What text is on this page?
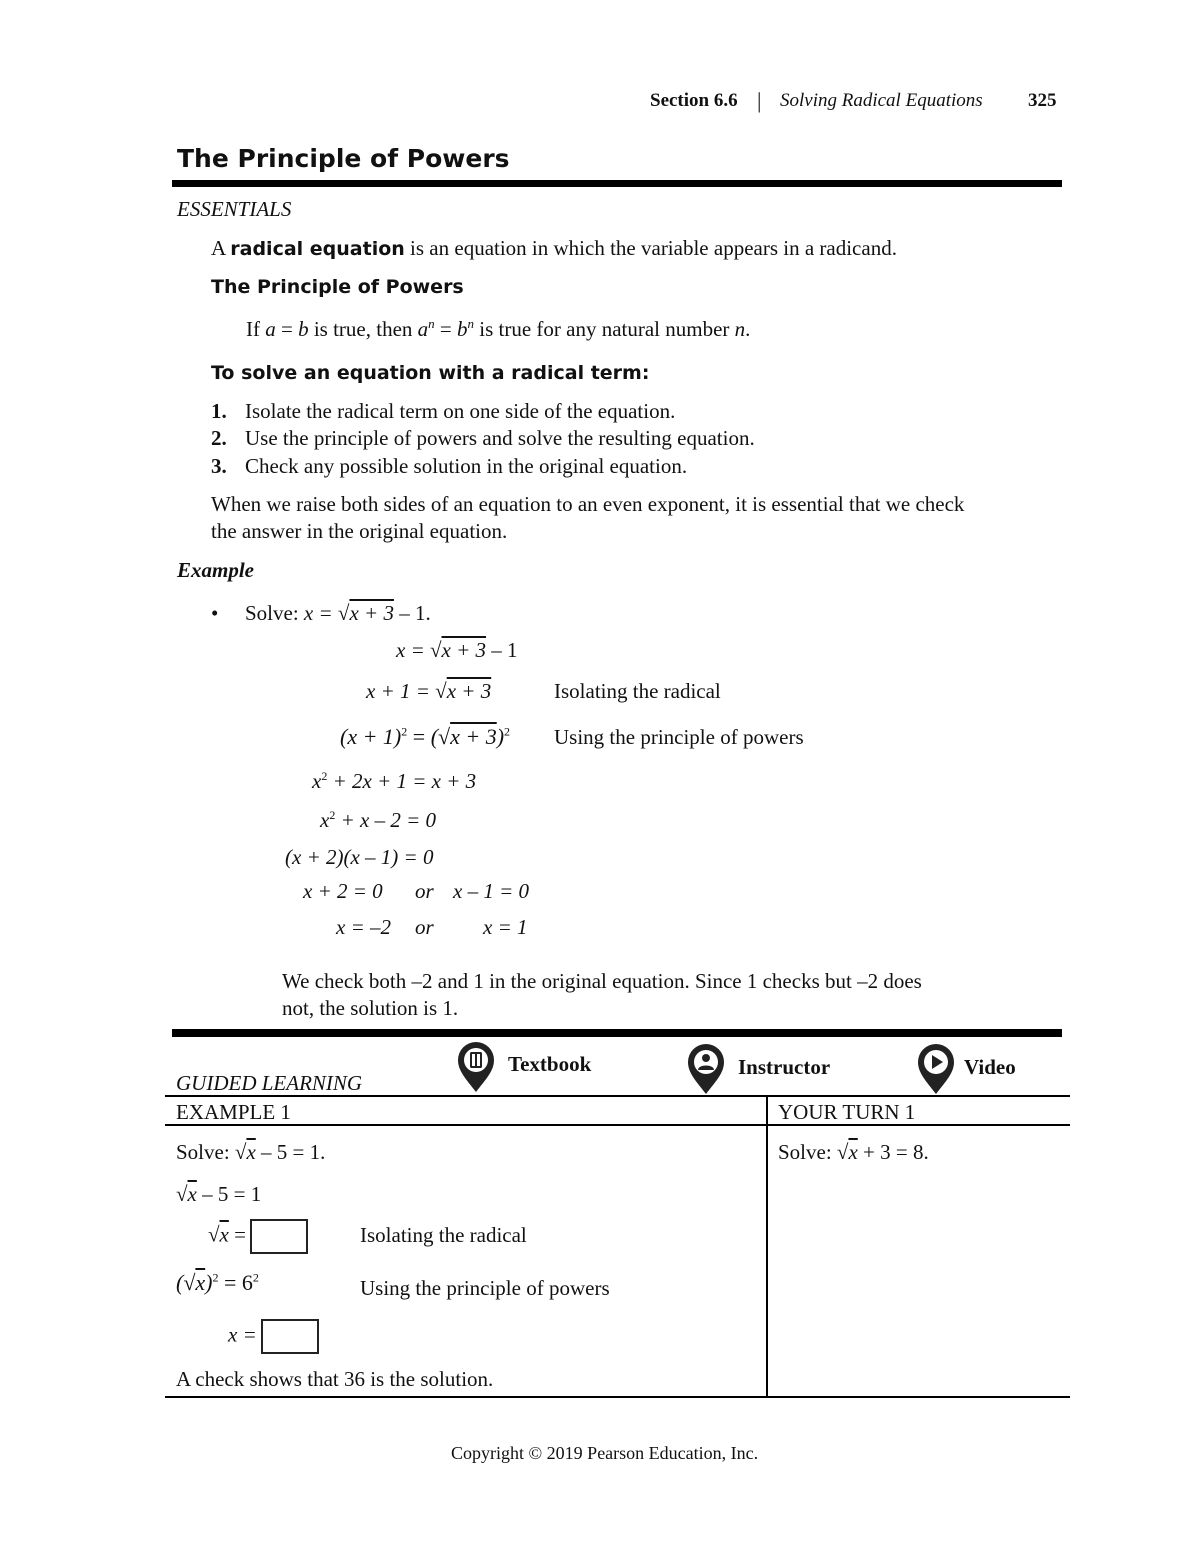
Section 6.6 | Solving Radical Equations 325
The Principle of Powers
ESSENTIALS
A radical equation is an equation in which the variable appears in a radicand.
The Principle of Powers
If a = b is true, then $a^n = b^n$ is true for any natural number n.
To solve an equation with a radical term:
1. Isolate the radical term on one side of the equation.
2. Use the principle of powers and solve the resulting equation.
3. Check any possible solution in the original equation.
When we raise both sides of an equation to an even exponent, it is essential that we check
the answer in the original equation.
Example
• Solve: x = √x + 3 – 1.
x = √x + 3 – 1
x + 1 = √x + 3	Isolating the radical
$(x + 1)^2 = (√x + 3)^2$ Using the principle of powers
$x^2 + 2x + 1 = x + 3$
$x^2 + x - 2 = 0$
(x + 2)(x – 1) = 0
x + 2 = 0 or x – 1 = 0
x = –2 or x = 1
We check both –2 and 1 in the original equation. Since 1 checks but –2 does
not, the solution is 1.
GUIDED LEARNING
Textbook	Instructor	Video
EXAMPLE 1	YOUR TURN 1
Solve: √x – 5 = 1.
√x – 5 = 1
√x =	Isolating the radical
$(√x)^2 = 6^2$	Using the principle of powers
x =
A check shows that 36 is the solution.
Solve: √x + 3 = 8.
Copyright © 2019 Pearson Education, Inc.
